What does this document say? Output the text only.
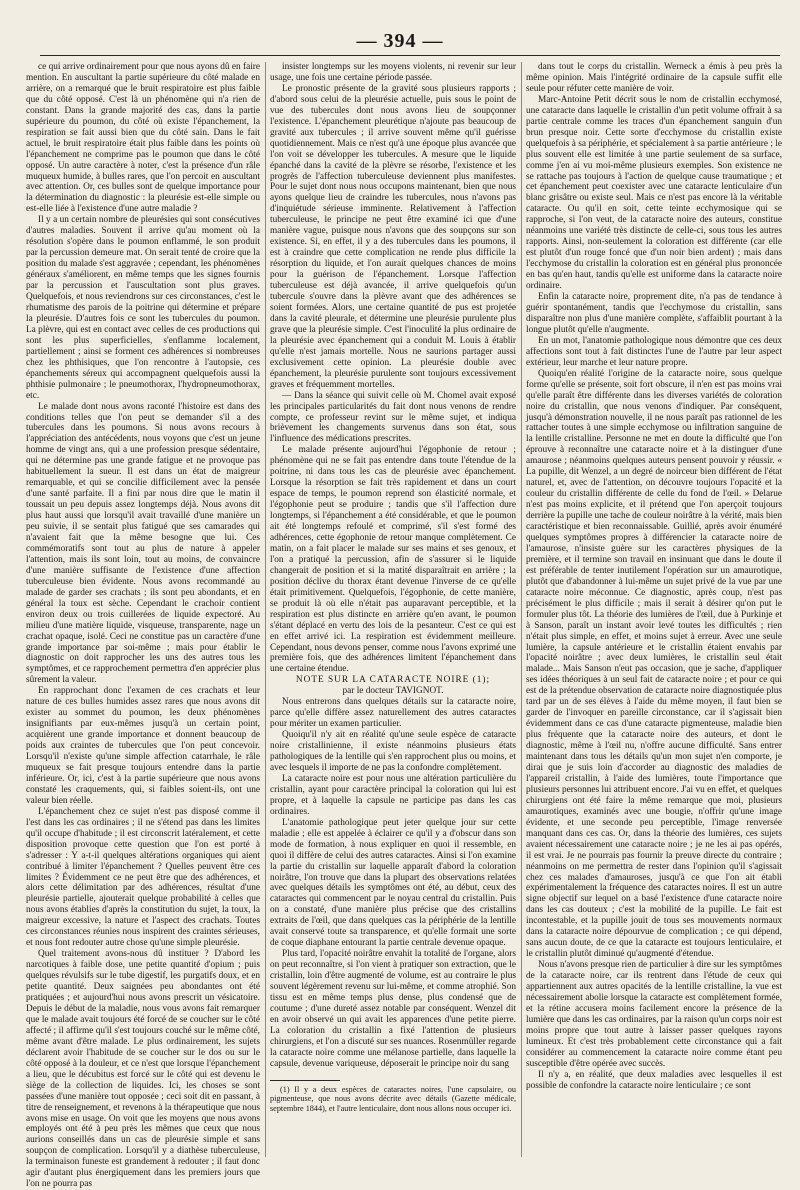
— 394 —

ce qui arrive ordinairement pour que nous ayons dû en faire mention. En auscultant la partie supérieure du côté malade en arrière, on a remarqué que le bruit respiratoire est plus faible que du côté opposé. C'est là un phénomène qui n'a rien de constant. Dans la grande majorité des cas, dans la partie supérieure du poumon, du côté où existe l'épanchement, la respiration se fait aussi bien que du côté sain. Dans le fait actuel, le bruit respiratoire était plus faible dans les points où l'épanchement ne comprime pas le poumon que dans le côté opposé. Un autre caractère à noter, c'est la présence d'un râle muqueux humide, à bulles rares, que l'on percoit en auscultant avec attention. Or, ces bulles sont de quelque importance pour la détermination du diagnostic : la pleurésie est-elle simple ou est-elle liée à l'existence d'une autre maladie ?

Il y a un certain nombre de pleurésies qui sont consécutives d'autres maladies. Souvent il arrive qu'au moment où la résolution s'opère dans le poumon enflammé, le son produit par la percussion demeure mat. On serait tenté de croire que la position du malade s'est aggravée ; cependant, les phénomènes généraux s'améliorent, en même temps que les signes fournis par la percussion et l'auscultation sont plus graves. Quelquefois, et nous reviendrons sur ces circonstances, c'est le rhumatisme des parois de la poitrine qui détermine et prépare la pleurésie. D'autres fois ce sont les tubercules du poumon. La plèvre, qui est en contact avec celles de ces productions qui sont les plus superficielles, s'enflamme localement, partiellement ; ainsi se forment ces adhérences si nombreuses chez les phthisiques, que l'on rencontre à l'autopsie, ces épanchements séreux qui accompagnent quelquefois aussi la phthisie pulmonaire ; le pneumothorax, l'hydropneumothorax, etc.

Le malade dont nous avons raconté l'histoire est dans des conditions telles que l'on peut se demander s'il a des tubercules dans les poumons. Si nous avons recours à l'appréciation des antécédents, nous voyons que c'est un jeune homme de vingt ans, qui a une profession presque sédentaire, qui ne détermine pas une grande fatigue et ne provoque pas habituellement la sueur. Il est dans un état de maigreur remarquable, et qui se concilie difficilement avec la pensée d'une santé parfaite. Il a fini par nous dire que le matin il toussait un peu depuis assez longtemps déjà. Nous avons dit plus haut aussi que lorsqu'il avait travaillé d'une manière un peu suivie, il se sentait plus fatigué que ses camarades qui n'avaient fait que la même besogne que lui. Ces commémoratifs sont tout au plus de nature à appeler l'attention, mais ils sont loin, tout au moins, de convaincre d'une manière suffisante de l'existence d'une affection tuberculeuse bien évidente. Nous avons recommandé au malade de garder ses crachats ; ils sont peu abondants, et en général la toux est sèche. Cependant le crachoir contient environ deux ou trois cuillerées de liquide expectoré. Au milieu d'une matière liquide, visqueuse, transparente, nage un crachat opaque, isolé. Ceci ne constitue pas un caractère d'une grande importance par soi-même ; mais pour établir le diagnostic on doit rapprocher les uns des autres tous les symptômes, et ce rapprochement permettra d'en apprécier plus sûrement la valeur.

En rapprochant donc l'examen de ces crachats et leur nature de ces bulles humides assez rares que nous avons dit exister au sommet du poumon, les deux phénomènes insignifiants par eux-mêmes jusqu'à un certain point, acquièrent une grande importance et donnent beaucoup de poids aux craintes de tubercules que l'on peut concevoir. Lorsqu'il n'existe qu'une simple affection catarrhale, le râle muqueux se fait presque toujours entendre dans la partie inférieure. Or, ici, c'est à la partie supérieure que nous avons constaté les craquements, qui, si faibles soient-ils, ont une valeur bien réelle.

L'épanchement chez ce sujet n'est pas disposé comme il l'est dans les cas ordinaires ; il ne s'étend pas dans les limites qu'il occupe d'habitude ; il est circonscrit latéralement, et cette disposition provoque cette question que l'on est porté à s'adresser : Y a-t-il quelques altérations organiques qui aient contribué à limiter l'épanchement ? Quelles peuvent être ces limites ? Évidemment ce ne peut être que des adhérences, et alors cette délimitation par des adhérences, résultat d'une pleurésie partielle, ajouterait quelque probabilité à celles que nous avons établies d'après la constitution du sujet, la toux, la maigreur excessive, la nature et l'aspect des crachats. Toutes ces circonstances réunies nous inspirent des craintes sérieuses, et nous font redouter autre chose qu'une simple pleurésie.

Quel traitement avons-nous dû instituer ? D'abord les narcotiques à faible dose, une petite quantité d'opium ; puis quelques révulsifs sur le tube digestif, les purgatifs doux, et en petite quantité. Deux saignées peu abondantes ont été pratiquées ; et aujourd'hui nous avons prescrit un vésicatoire. Depuis le début de la maladie, nous vous avons fait remarquer que le malade avait toujours été forcé de se coucher sur le côté affecté ; il affirme qu'il s'est toujours couché sur le même côté, même avant d'être malade. Le plus ordinairement, les sujets déclarent avoir l'habitude de se coucher sur le dos ou sur le côté opposé à la douleur, et ce n'est que lorsque l'épanchement a lieu, que le décubitus est forcé sur le côté qui est devenu le siège de la collection de liquides. Ici, les choses se sont passées d'une manière tout opposée ; ceci soit dit en passant, à titre de renseignement, et revenons à la thérapeutique que nous avons mise en usage. On voit que les moyens que nous avons employés ont été à peu près les mêmes que ceux que nous aurions conseillés dans un cas de pleurésie simple et sans soupçon de complication. Lorsqu'il y a diathèse tuberculeuse, la terminaison funeste est grandement à redouter ; il faut donc agir d'autant plus énergiquement dans les premiers jours que l'on ne pourra pas

insister longtemps sur les moyens violents, ni revenir sur leur usage, une fois une certaine période passée.

Le pronostic présente de la gravité sous plusieurs rapports ; d'abord sous celui de la pleurésie actuelle, puis sous le point de vue des tubercules dont nous avons lieu de soupçonner l'existence. L'épanchement pleurétique n'ajoute pas beaucoup de gravité aux tubercules ; il arrive souvent même qu'il guérisse quotidiennement. Mais ce n'est qu'à une époque plus avancée que l'on voit se développer les tubercules. A mesure que le liquide épanché dans la cavité de la plèvre se résorbe, l'existence et les progrès de l'affection tuberculeuse deviennent plus manifestes. Pour le sujet dont nous nous occupons maintenant, bien que nous ayons quelque lieu de craindre les tubercules, nous n'avons pas d'inquiétude sérieuse imminente. Relativement à l'affection tuberculeuse, le principe ne peut être examiné ici que d'une manière vague, puisque nous n'avons que des soupçons sur son existence. Si, en effet, il y a des tubercules dans les poumons, il est à craindre que cette complication ne rende plus difficile la résorption du liquide, et l'on aurait quelques chances de moins pour la guérison de l'épanchement. Lorsque l'affection tuberculeuse est déjà avancée, il arrive quelquefois qu'un tubercule s'ouvre dans la plèvre avant que des adhérences se soient formées. Alors, une certaine quantité de pus est projetée dans la cavité pleurale, et détermine une pleurésie purulente plus grave que la pleurésie simple. C'est l'inoculité la plus ordinaire de la pleurésie avec épanchement qui a conduit M. Louis à établir qu'elle n'est jamais mortelle. Nous ne saurions partager aussi exclusivement cette opinion. La pleurésie double avec épanchement, la pleurésie purulente sont toujours excessivement graves et fréquemment mortelles.

— Dans la séance qui suivit celle où M. Chomel avait exposé les principales particularités du fait dont nous venons de rendre compte, ce professeur revint sur le même sujet, et indiqua brièvement les changements survenus dans son état, sous l'influence des médications prescrites.

Le malade présente aujourd'hui l'égophonie de retour ; phénomène qui ne se fait pas entendre dans toute l'étendue de la poitrine, ni dans tous les cas de pleurésie avec épanchement. Lorsque la résorption se fait très rapidement et dans un court espace de temps, le poumon reprend son élasticité normale, et l'égophonie peut se produire ; tandis que s'il l'affection dure longtemps, si l'épanchement a été considérable, et que le poumon ait été longtemps refoulé et comprimé, s'il s'est formé des adhérences, cette égophonie de retour manque complètement. Ce matin, on a fait placer le malade sur ses mains et ses genoux, et l'on a pratiqué la percussion, afin de s'assurer si le liquide changerait de position et si la matité disparaîtrait en arrière ; la position déclive du thorax étant devenue l'inverse de ce qu'elle était primitivement. Quelquefois, l'égophonie, de cette manière, se produit là où elle n'était pas auparavant perceptible, et la respiration est plus distincte en arrière qu'en avant, le poumon s'étant déplacé en vertu des lois de la pesanteur. C'est ce qui est en effet arrivé ici. La respiration est évidemment meilleure. Cependant, nous devons penser, comme nous l'avons exprimé une première fois, que des adhérences limitent l'épanchement dans une certaine étendue.

NOTE SUR LA CATARACTE NOIRE (1);

par le docteur TAVIGNOT.

Nous entrerons dans quelques détails sur la cataracte noire, parce qu'elle diffère assez naturellement des autres cataractes pour mériter un examen particulier.

Quoiqu'il n'y ait en réalité qu'une seule espèce de cataracte noire cristallinienne, il existe néanmoins plusieurs états pathologiques de la lentille qui s'en rapprochent plus ou moins, et avec lesquels il importe de ne pas la confondre complètement.

La cataracte noire est pour nous une altération particulière du cristallin, ayant pour caractère principal la coloration qui lui est propre, et à laquelle la capsule ne participe pas dans les cas ordinaires.

L'anatomie pathologique peut jeter quelque jour sur cette maladie ; elle est appelée à éclairer ce qu'il y a d'obscur dans son mode de formation, à nous expliquer en quoi il ressemble, en quoi il diffère de celui des autres cataractes. Ainsi si l'on examine la partie du cristallin sur laquelle apparaît d'abord la coloration noirâtre, l'on trouve que dans la plupart des observations relatées avec quelques détails les symptômes ont été, au début, ceux des cataractes qui commencent par le noyau central du cristallin. Puis on a constaté, d'une manière plus précise que des cristallins extraits de l'œil, que dans quelques cas la périphérie de la lentille avait conservé toute sa transparence, et qu'elle formait une sorte de coque diaphane entourant la partie centrale devenue opaque.

Plus tard, l'opacité noirâtre envahit la totalité de l'organe, alors on peut reconnaître, si l'on vient à pratiquer son extraction, que le cristallin, loin d'être augmenté de volume, est au contraire le plus souvent légèrement revenu sur lui-même, et comme atrophié. Son tissu est en même temps plus dense, plus condensé que de coutume ; d'une dureté assez notable par conséquent. Wenzel dit en avoir observé un qui avait les apparences d'une petite pierre. La coloration du cristallin a fixé l'attention de plusieurs chirurgiens, et l'on a discuté sur ses nuances. Rosenmüller regarde la cataracte noire comme une mélanose partielle, dans laquelle la capsule, devenue variqueuse, déposerait le principe noir du sang

(1) Il y a deux espèces de cataractes noires, l'une capsulaire, ou pigmenteuse, que nous avons décrite avec détails (Gazette médicale, septembre 1844), et l'autre lenticulaire, dont nous allons nous occuper ici.

dans tout le corps du cristallin. Werneck a émis à peu près la même opinion. Mais l'intégrité ordinaire de la capsule suffit elle seule pour réfuter cette manière de voir.

Marc-Antoine Petit décrit sous le nom de cristallin ecchymosé, une cataracte dans laquelle le cristallin d'un petit volume offrait à sa partie centrale comme les traces d'un épanchement sanguin d'un brun presque noir. Cette sorte d'ecchymose du cristallin existe quelquefois à sa périphérie, et spécialement à sa partie antérieure ; le plus souvent elle est limitée à une partie seulement de sa surface, comme j'en ai vu moi-même plusieurs exemples. Son existence ne se rattache pas toujours à l'action de quelque cause traumatique ; et cet épanchement peut coexister avec une cataracte lenticulaire d'un blanc grisâtre ou existe seul. Mais ce n'est pas encore là la véritable cataracte. Ou qu'il en soit, cette teinte ecchymosique qui se rapproche, si l'on veut, de la cataracte noire des auteurs, constitue néanmoins une variété très distincte de celle-ci, sous tous les autres rapports. Ainsi, non-seulement la coloration est différente (car elle est plutôt d'un rouge foncé que d'un noir bien ardent) ; mais dans l'ecchymose du cristallin la coloration est en général plus prononcée en bas qu'en haut, tandis qu'elle est uniforme dans la cataracte noire ordinaire.

Enfin la cataracte noire, proprement dite, n'a pas de tendance à guérir spontanément, tandis que l'ecchymose du cristallin, sans disparaître non plus d'une manière complète, s'affaiblit pourtant à la longue plutôt qu'elle n'augmente.

En un mot, l'anatomie pathologique nous démontre que ces deux affections sont tout à fait distinctes l'une de l'autre par leur aspect extérieur, leur marche et leur nature propre.

Quoiqu'en réalité l'origine de la cataracte noire, sous quelque forme qu'elle se présente, soit fort obscure, il n'en est pas moins vrai qu'elle paraît être différente dans les diverses variétés de coloration noire du cristallin, que nous venons d'indiquer. Par conséquent, jusqu'à démonstration nouvelle, il ne nous paraît pas rationnel de les rattacher toutes à une simple ecchymose ou infiltration sanguine de la lentille cristalline. Personne ne met en doute la difficulté que l'on éprouve à reconnaître une cataracte noire et à la distinguer d'une amaurose ; néanmoins quelques auteurs pensent pouvoir y réussir. « La pupille, dit Wenzel, a un degré de noirceur bien différent de l'état naturel, et, avec de l'attention, on découvre toujours l'opacité et la couleur du cristallin différente de celle du fond de l'œil. » Delarue n'est pas moins explicite, et il prétend que l'on aperçoit toujours derrière la pupille une tache de couleur noirâtre à la vérité, mais bien caractéristique et bien reconnaissable. Guillié, après avoir énuméré quelques symptômes propres à différencier la cataracte noire de l'amaurose, n'insiste guère sur les caractères physiques de la première, et il termine son travail en insinuant que dans le doute il est préférable de tenter inutilement l'opération sur un amaurotique, plutôt que d'abandonner à lui-même un sujet privé de la vue par une cataracte noire méconnue. Ce diagnostic, après coup, n'est pas précisément le plus difficile ; mais il serait à désirer qu'on put le formuler plus tôt. La théorie des lumières de l'œil, due à Purkinje et à Sanson, paraît un instant avoir levé toutes les difficultés ; rien n'était plus simple, en effet, et moins sujet à erreur. Avec une seule lumière, la capsule antérieure et le cristallin étaient envahis par l'opacité noirâtre ; avec deux lumières, le cristallin seul était malade... Mais Sanson n'eut pas occasion, que je sache, d'appliquer ses idées théoriques à un seul fait de cataracte noire ; et pour ce qui est de la prétendue observation de cataracte noire diagnostiquée plus tard par un de ses élèves à l'aide du même moyen, il faut bien se garder de l'invoquer en pareille circonstance, car il s'agissait bien évidemment dans ce cas d'une cataracte pigmenteuse, maladie bien plus fréquente que la cataracte noire des auteurs, et dont le diagnostic, même à l'œil nu, n'offre aucune difficulté. Sans entrer maintenant dans tous les détails qu'un mon sujet n'en comporte, je dirai que je suis loin d'accorder au diagnostic des maladies de l'appareil cristallin, à l'aide des lumières, toute l'importance que plusieurs personnes lui attribuent encore. J'ai vu en effet, et quelques chirurgiens ont été faire la même remarque que moi, plusieurs amaurotiques, examinés avec une bougie, n'offrir qu'une image évidente, et une seconde peu perceptible, l'image renversée manquant dans ces cas. Or, dans la théorie des lumières, ces sujets avaient nécessairement une cataracte noire ; je ne les ai pas opérés, il est vrai. Je ne pourrais pas fournir la preuve directe du contraire ; néanmoins on me permettra de rester dans l'opinion qu'il s'agissait chez ces malades d'amauroses, jusqu'à ce que l'on ait établi expérimentalement la fréquence des cataractes noires. Il est un autre signe objectif sur lequel on a basé l'existence d'une cataracte noire dans les cas douteux ; c'est la mobilité de la pupille. Le fait est incontestable, et la pupille jouit de tous ses mouvements normaux dans la cataracte noire dépourvue de complication ; ce qui dépend, sans aucun doute, de ce que la cataracte est toujours lenticulaire, et le cristallin plutôt diminué qu'augmenté d'étendue.

Nous n'avons presque rien de particulier à dire sur les symptômes de la cataracte noire, car ils rentrent dans l'étude de ceux qui appartiennent aux autres opacités de la lentille cristalline, la vue est nécessairement abolie lorsque la cataracte est complètement formée, et la rétine accusera moins facilement encore la présence de la lumière que dans les cas ordinaires, par la raison qu'un corps noir est moins propre que tout autre à laisser passer quelques rayons lumineux. Et c'est très probablement cette circonstance qui a fait considérer au commencement la cataracte noire comme étant peu susceptible d'être opérée avec succès.

Il n'y a, en réalité, que deux maladies avec lesquelles il est possible de confondre la cataracte noire lenticulaire ; ce sont
